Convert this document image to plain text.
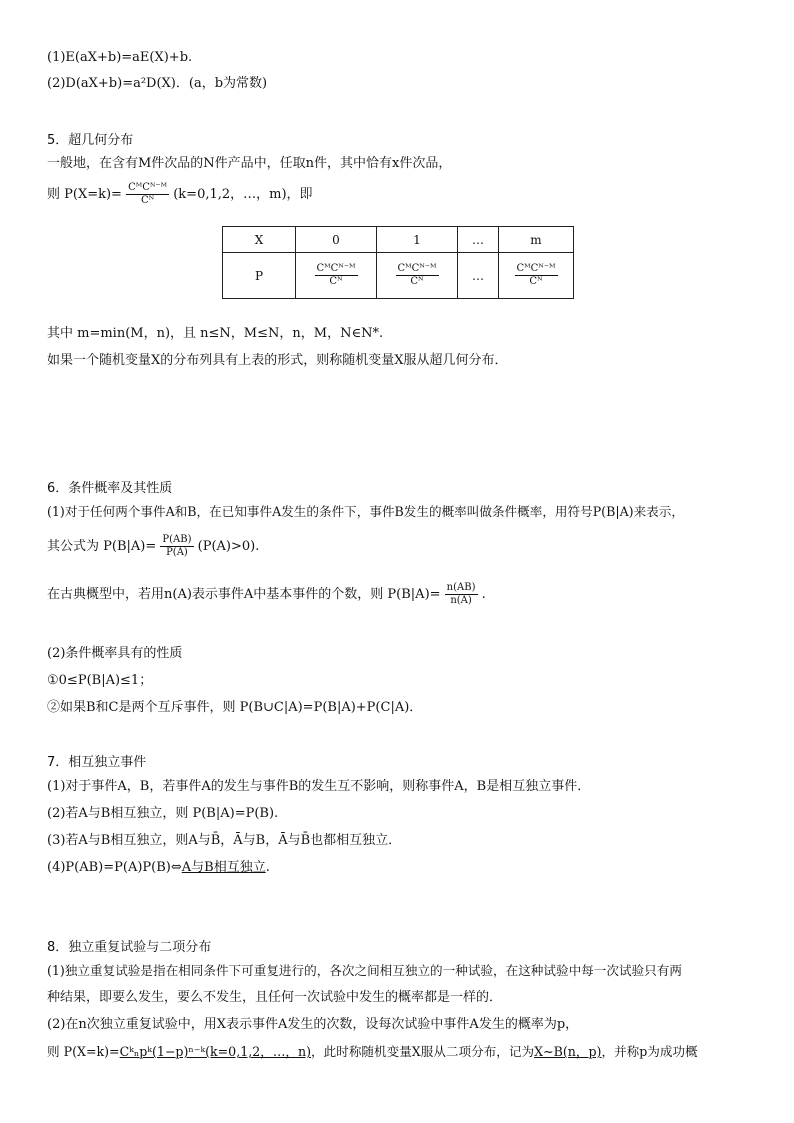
(1)E(aX+b)=aE(X)+b.
(2)D(aX+b)=a²D(X)．(a，b为常数)
5．超几何分布
一般地，在含有M件次品的N件产品中，任取n件，其中恰有x件次品，
则 $P(X=k)= \frac{\text{CᴹCᴺ⁻ᴹ}}{\text{Cᴺ}} (k=0,1,2$，…，m)，即
X	0	1	…	m
P	$\frac{\text{CᴹCᴺ⁻ᴹ}}{\text{Cᴺ}}$	$\frac{\text{CᴹCᴺ⁻ᴹ}}{\text{Cᴺ}}$	…	$\frac{\text{CᴹCᴺ⁻ᴹ}}{\text{Cᴺ}}$
其中 m=min(M，n)，且 n≤N，M≤N，n，M，N∈N*.
如果一个随机变量X的分布列具有上表的形式，则称随机变量X服从超几何分布．
6．条件概率及其性质
(1)对于任何两个事件A和B，在已知事件A发生的条件下，事件B发生的概率叫做条件概率，用符号P(B|A)来表示，
其公式为 $P(B|A)= \frac{P(AB)}{P(A)} (P(A)>0)$.
在古典概型中，若用n(A)表示事件A中基本事件的个数，则 $P(B|A)= \frac{n(AB)}{n(A)}$ .
(2)条件概率具有的性质
①0≤P(B|A)≤1；
②如果B和C是两个互斥事件，则 P(B∪C|A)=P(B|A)+P(C|A)．
7．相互独立事件
(1)对于事件A，B，若事件A的发生与事件B的发生互不影响，则称事件A，B是相互独立事件．
(2)若A与B相互独立，则 P(B|A)=P(B).
(3)若A与B相互独立，则A与B̄，Ā与B，Ā与B̄也都相互独立．
(4)P(AB)=P(A)P(B)⇔A与B相互独立.
8．独立重复试验与二项分布
(1)独立重复试验是指在相同条件下可重复进行的，各次之间相互独立的一种试验，在这种试验中每一次试验只有两
种结果，即要么发生，要么不发生，且任何一次试验中发生的概率都是一样的．
(2)在n次独立重复试验中，用X表示事件A发生的次数，设每次试验中事件A发生的概率为p，
则 P(X=k)=Cᵏₙpᵏ(1−p)ⁿ⁻ᵏ(k=0,1,2，…，n)，此时称随机变量X服从二项分布，记为X~B(n，p)，并称p为成功概
